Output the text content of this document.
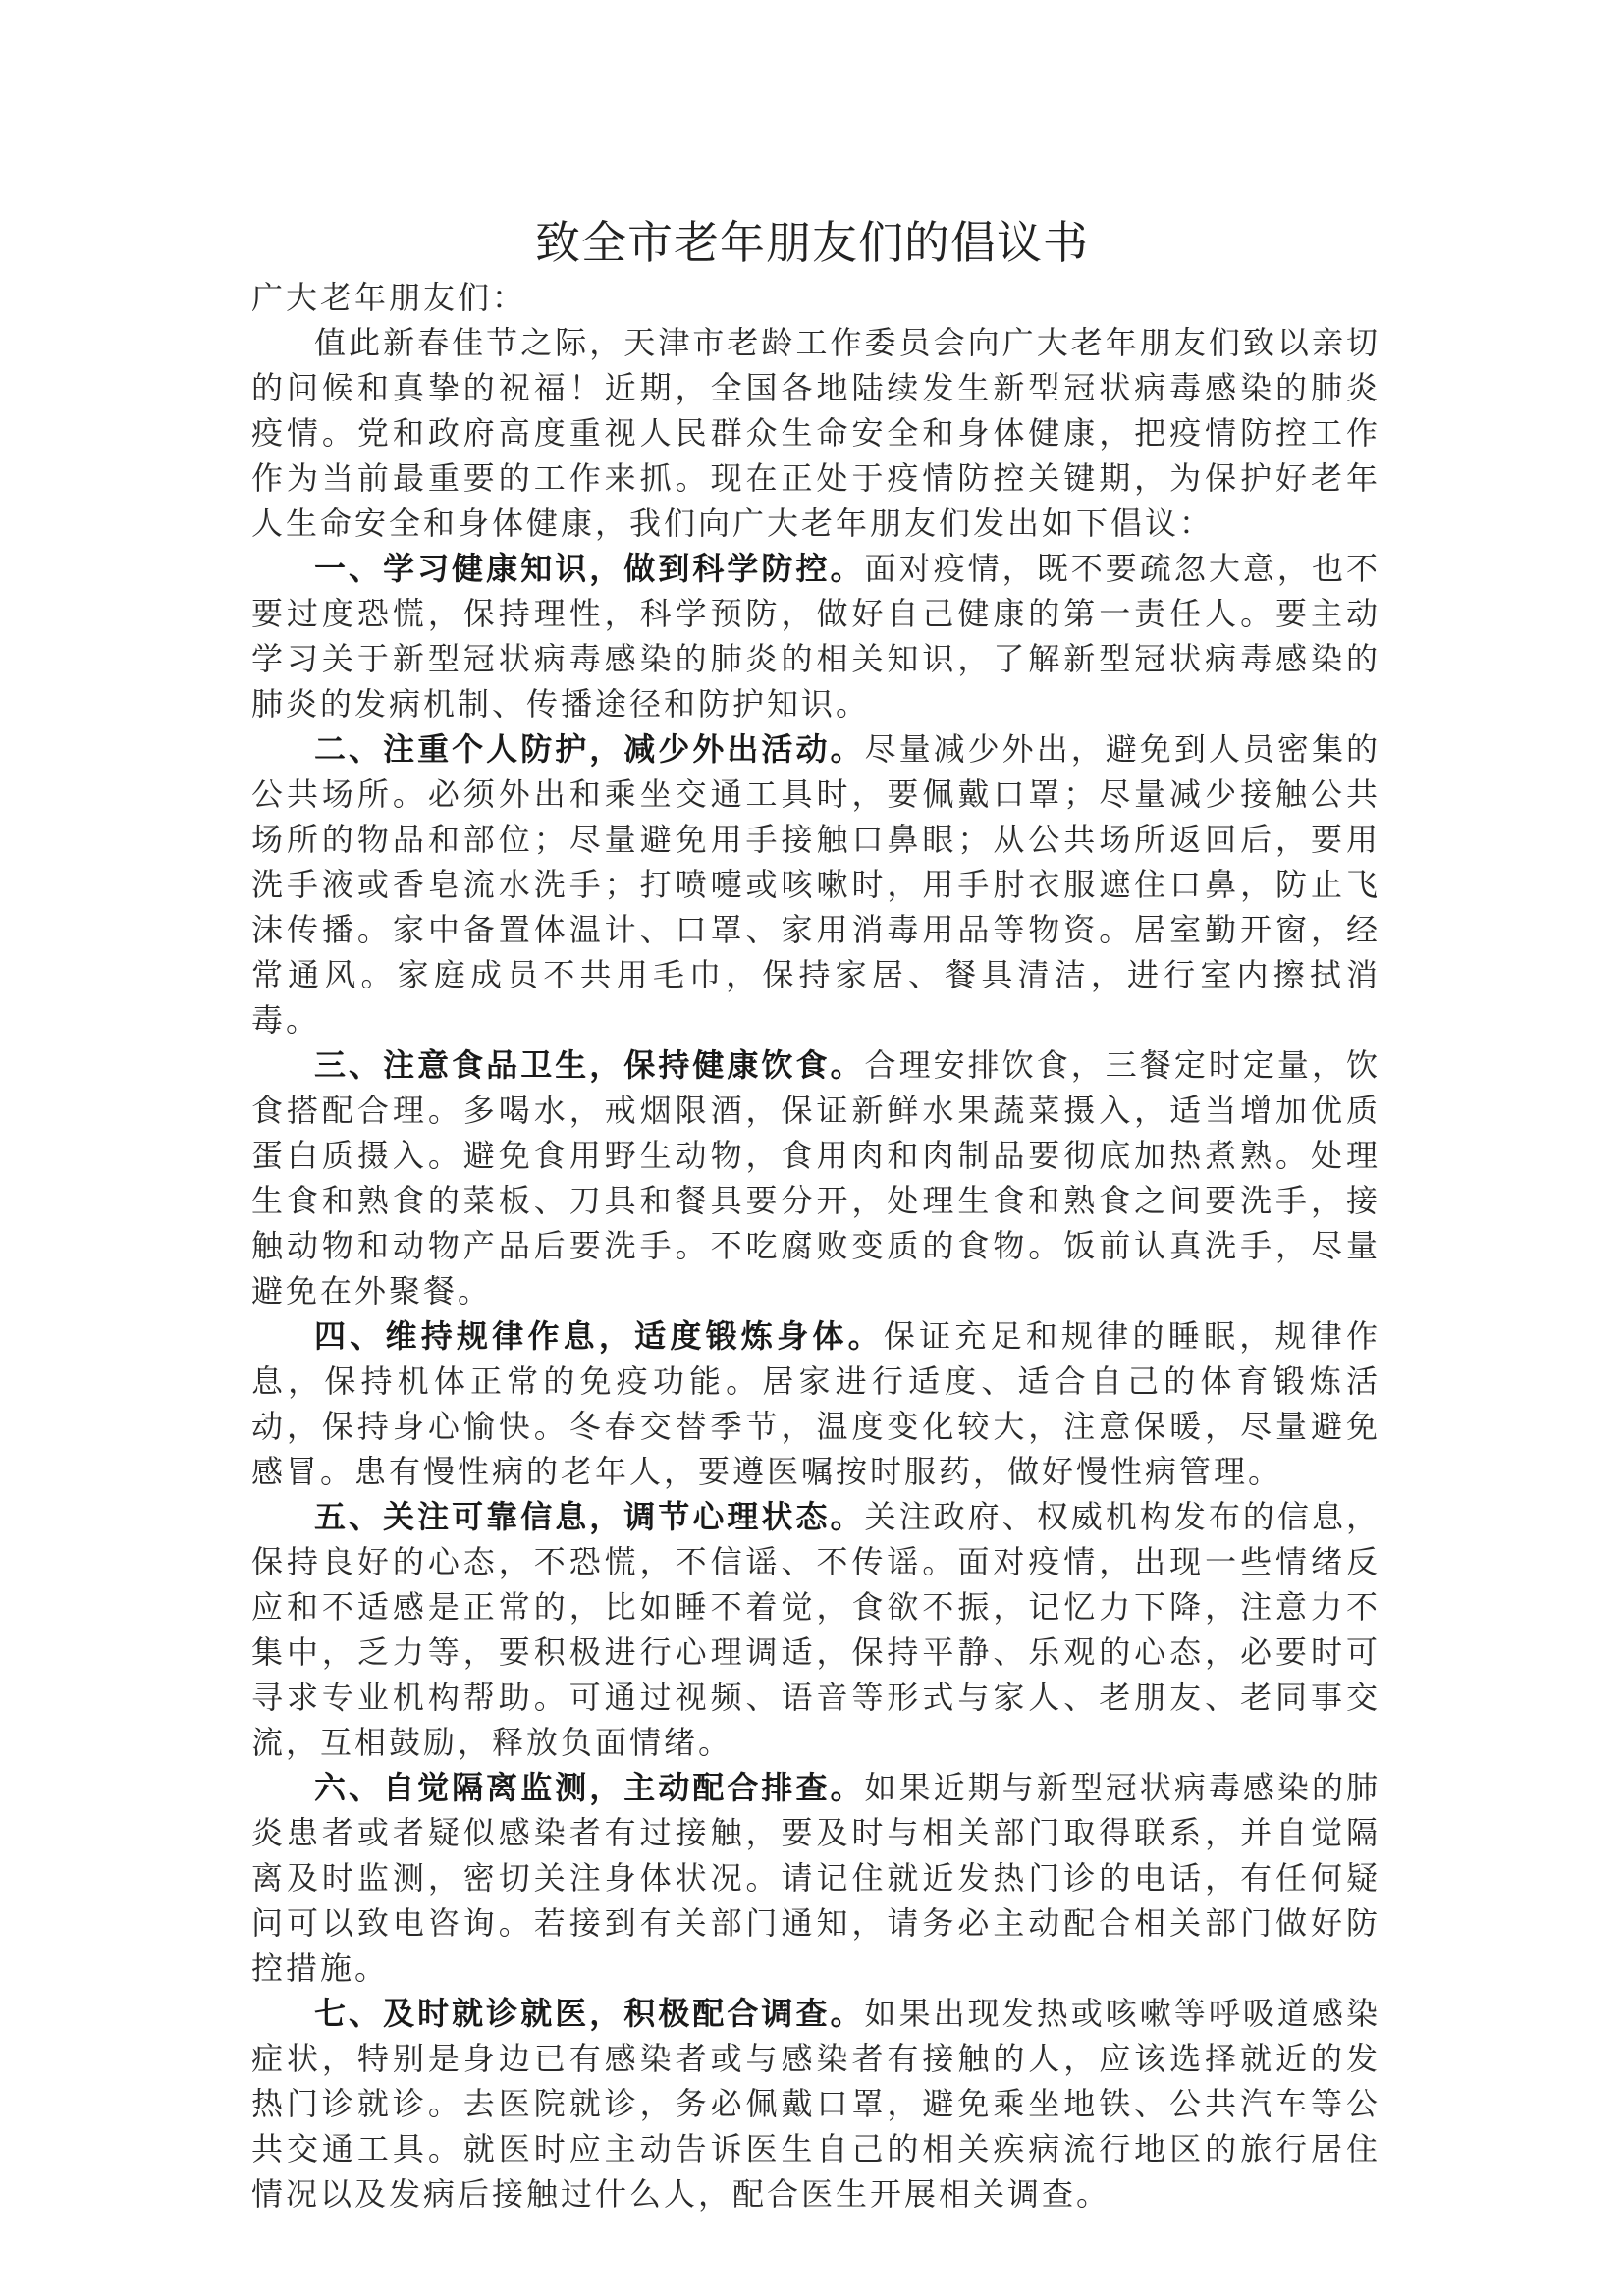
致全市老年朋友们的倡议书

广大老年朋友们：

值此新春佳节之际，天津市老龄工作委员会向广大老年朋友们致以亲切的问候和真挚的祝福！近期，全国各地陆续发生新型冠状病毒感染的肺炎疫情。党和政府高度重视人民群众生命安全和身体健康，把疫情防控工作作为当前最重要的工作来抓。现在正处于疫情防控关键期，为保护好老年人生命安全和身体健康，我们向广大老年朋友们发出如下倡议：

一、学习健康知识，做到科学防控。面对疫情，既不要疏忽大意，也不要过度恐慌，保持理性，科学预防，做好自己健康的第一责任人。要主动学习关于新型冠状病毒感染的肺炎的相关知识，了解新型冠状病毒感染的肺炎的发病机制、传播途径和防护知识。

二、注重个人防护，减少外出活动。尽量减少外出，避免到人员密集的公共场所。必须外出和乘坐交通工具时，要佩戴口罩；尽量减少接触公共场所的物品和部位；尽量避免用手接触口鼻眼；从公共场所返回后，要用洗手液或香皂流水洗手；打喷嚏或咳嗽时，用手肘衣服遮住口鼻，防止飞沫传播。家中备置体温计、口罩、家用消毒用品等物资。居室勤开窗，经常通风。家庭成员不共用毛巾，保持家居、餐具清洁，进行室内擦拭消毒。

三、注意食品卫生，保持健康饮食。合理安排饮食，三餐定时定量，饮食搭配合理。多喝水，戒烟限酒，保证新鲜水果蔬菜摄入，适当增加优质蛋白质摄入。避免食用野生动物，食用肉和肉制品要彻底加热煮熟。处理生食和熟食的菜板、刀具和餐具要分开，处理生食和熟食之间要洗手，接触动物和动物产品后要洗手。不吃腐败变质的食物。饭前认真洗手，尽量避免在外聚餐。

四、维持规律作息，适度锻炼身体。保证充足和规律的睡眠，规律作息，保持机体正常的免疫功能。居家进行适度、适合自己的体育锻炼活动，保持身心愉快。冬春交替季节，温度变化较大，注意保暖，尽量避免感冒。患有慢性病的老年人，要遵医嘱按时服药，做好慢性病管理。

五、关注可靠信息，调节心理状态。关注政府、权威机构发布的信息，保持良好的心态，不恐慌，不信谣、不传谣。面对疫情，出现一些情绪反应和不适感是正常的，比如睡不着觉，食欲不振，记忆力下降，注意力不集中，乏力等，要积极进行心理调适，保持平静、乐观的心态，必要时可寻求专业机构帮助。可通过视频、语音等形式与家人、老朋友、老同事交流，互相鼓励，释放负面情绪。

六、自觉隔离监测，主动配合排查。如果近期与新型冠状病毒感染的肺炎患者或者疑似感染者有过接触，要及时与相关部门取得联系，并自觉隔离及时监测，密切关注身体状况。请记住就近发热门诊的电话，有任何疑问可以致电咨询。若接到有关部门通知，请务必主动配合相关部门做好防控措施。

七、及时就诊就医，积极配合调查。如果出现发热或咳嗽等呼吸道感染症状，特别是身边已有感染者或与感染者有接触的人，应该选择就近的发热门诊就诊。去医院就诊，务必佩戴口罩，避免乘坐地铁、公共汽车等公共交通工具。就医时应主动告诉医生自己的相关疾病流行地区的旅行居住情况以及发病后接触过什么人，配合医生开展相关调查。
